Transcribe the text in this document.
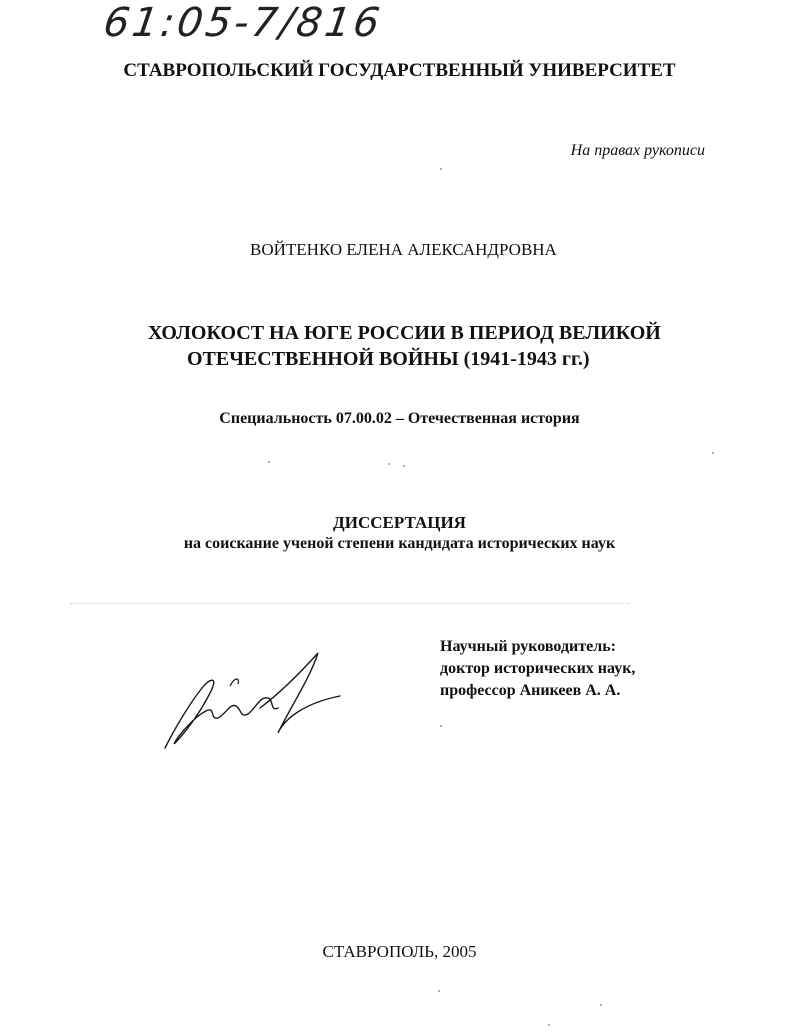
61:05-7/816
СТАВРОПОЛЬСКИЙ ГОСУДАРСТВЕННЫЙ УНИВЕРСИТЕТ
На правах рукописи
ВОЙТЕНКО ЕЛЕНА АЛЕКСАНДРОВНА
ХОЛОКОСТ НА ЮГЕ РОССИИ В ПЕРИОД ВЕЛИКОЙ
ОТЕЧЕСТВЕННОЙ ВОЙНЫ (1941-1943 гг.)
Специальность 07.00.02 – Отечественная история
ДИССЕРТАЦИЯ
на соискание ученой степени кандидата исторических наук
Научный руководитель:
доктор исторических наук,
профессор Аникеев А. А.
СТАВРОПОЛЬ, 2005
